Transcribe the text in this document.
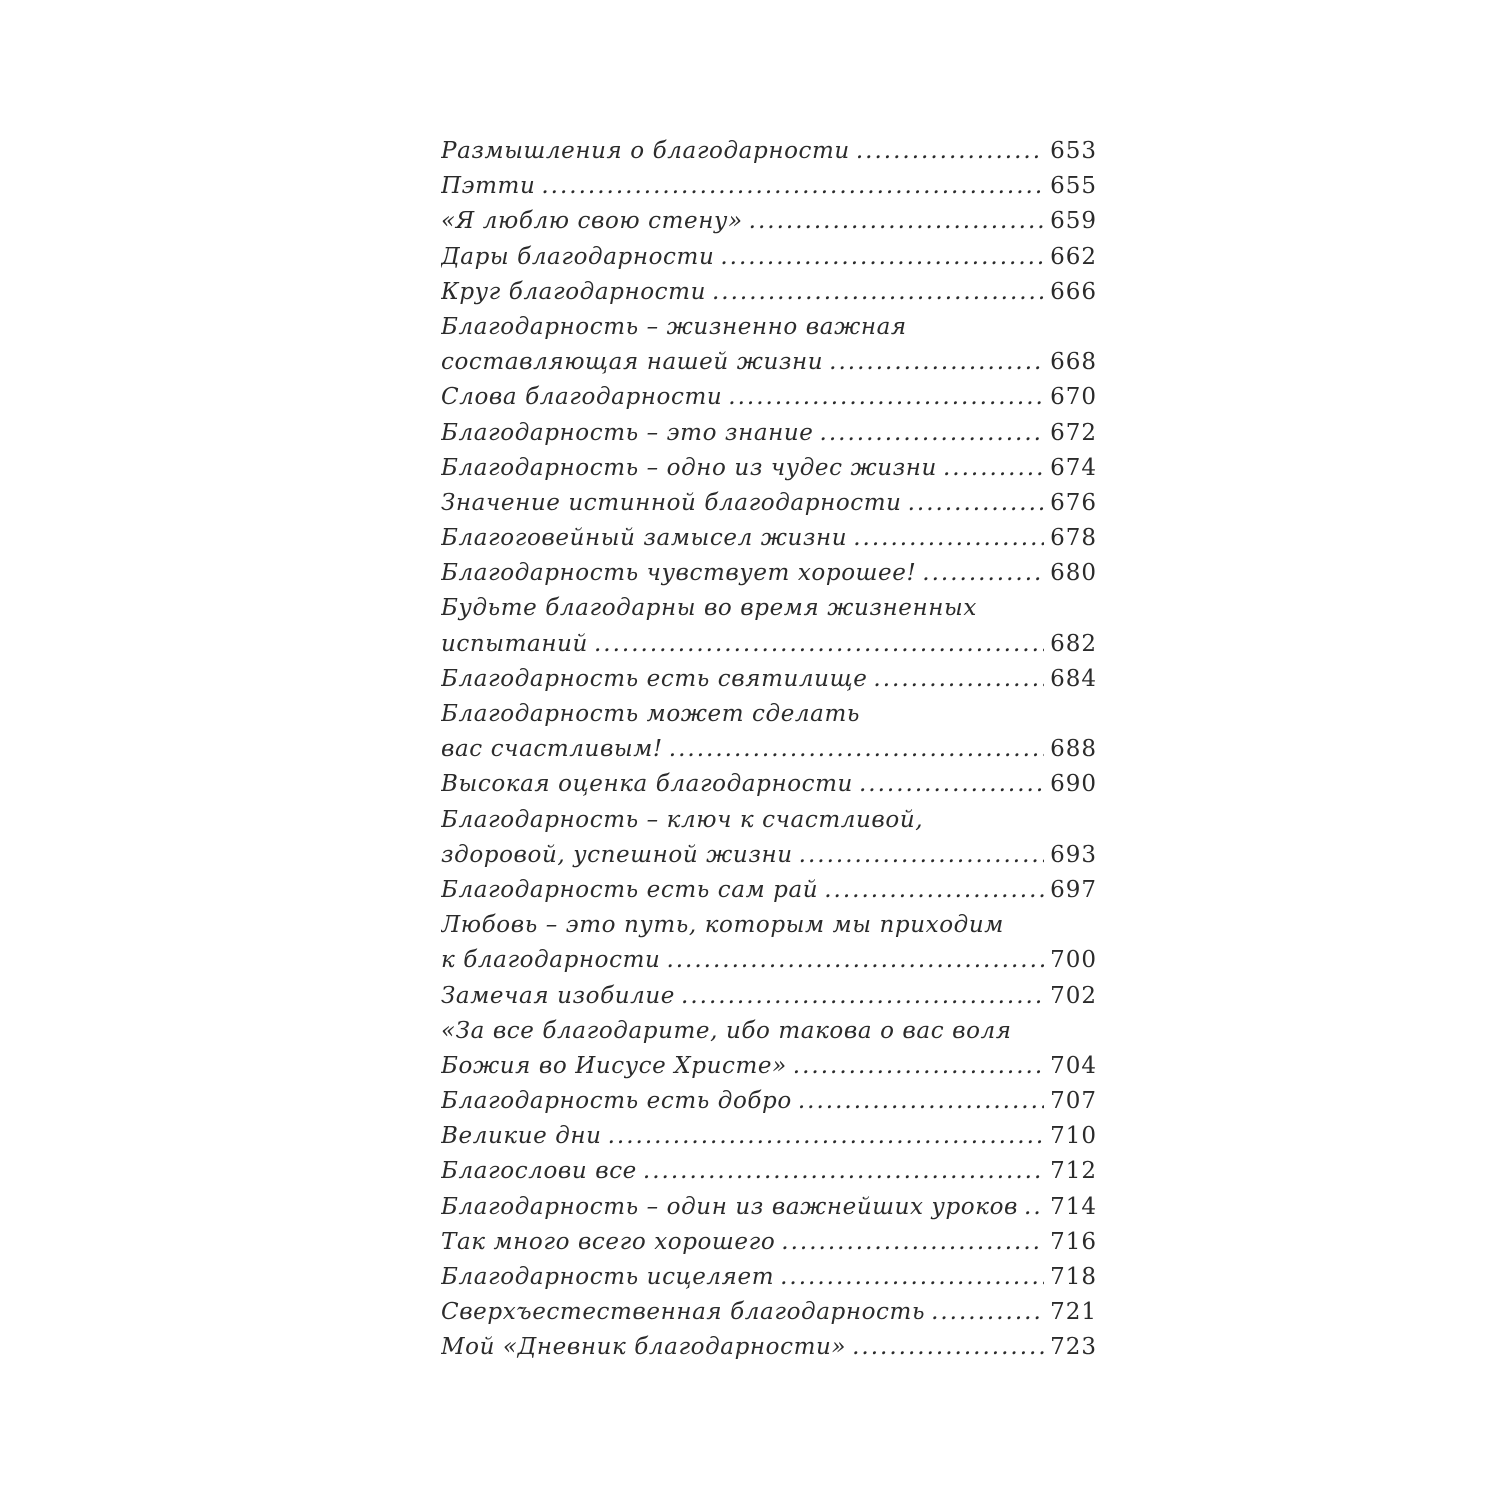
Размышления о благодарности .....	653
Пэтти .....	655
«Я люблю свою стену» .....	659
Дары благодарности .....	662
Круг благодарности .....	666
Благодарность – жизненно важная
составляющая нашей жизни .....	668
Слова благодарности .....	670
Благодарность – это знание .....	672
Благодарность – одно из чудес жизни .....	674
Значение истинной благодарности .....	676
Благоговейный замысел жизни .....	678
Благодарность чувствует хорошее! .....	680
Будьте благодарны во время жизненных
испытаний .....	682
Благодарность есть святилище .....	684
Благодарность может сделать
вас счастливым! .....	688
Высокая оценка благодарности .....	690
Благодарность – ключ к счастливой,
здоровой, успешной жизни .....	693
Благодарность есть сам рай .....	697
Любовь – это путь, которым мы приходим
к благодарности .....	700
Замечая изобилие .....	702
«За все благодарите, ибо такова о вас воля
Божия во Иисусе Христе» .....	704
Благодарность есть добро .....	707
Великие дни .....	710
Благослови все .....	712
Благодарность – один из важнейших уроков ..... 714
Так много всего хорошего .....	716
Благодарность исцеляет .....	718
Сверхъестественная благодарность .....	721
Мой «Дневник благодарности» .....	723
